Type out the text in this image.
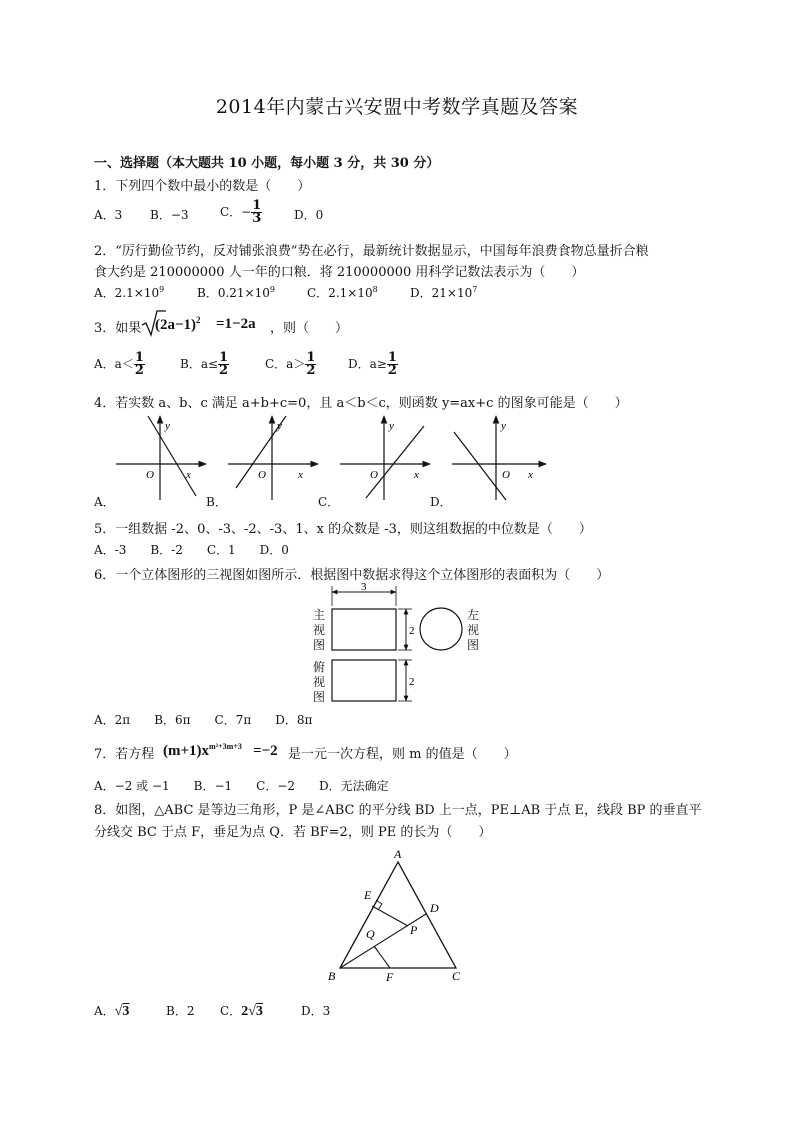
2014年内蒙古兴安盟中考数学真题及答案
一、选择题（本大题共 10 小题，每小题 3 分，共 30 分）
1．下列四个数中最小的数是（　　）
A．3 B．−3	C．− $\frac{1}{3}$	D．0
2．“厉行勤俭节约，反对铺张浪费”势在必行，最新统计数据显示，中国每年浪费食物总量折合粮
食大约是 210000000 人一年的口粮．将 210000000 用科学记数法表示为（　　）
A．$2.1\times 10^9$	B．$0.21\times 10^9$	C．$2.1\times 10^8$	D．$21\times 10^7$
3．如果 $(2a-1)^2 =1-2a$ ，则（　　）
A．$a< \frac{1}{2}$	B．$a\le \frac{1}{2}$	C．$a> \frac{1}{2}$	D．$a\ge \frac{1}{2}$
4．若实数 a、b、c 满足 a+b+c=0，且 a＜b＜c，则函数 y=ax+c 的图象可能是（　　）
y
O	x
y
O	x
y
O	x
y
O x
A．	B．	C．	D．
5．一组数据 -2、0、-3、-2、-3、1、x 的众数是 -3，则这组数据的中位数是（　　）
A．-3　　B．-2　　C．1　　D．0
6．一个立体图形的三视图如图所示．根据图中数据求得这个立体图形的表面积为（　　）
3
2
2
主
视
图
左
视
图
俯
视
图
A．2π　　B．6π　　C．7π　　D．8π
7．若方程 $(m+1)x^{m^2+3m+3} =-2$ 是一元一次方程，则 m 的值是（　　）
A．−2 或 −1　　B．−1　　C．−2　　D．无法确定
8．如图，△ABC 是等边三角形，P 是∠ABC 的平分线 BD 上一点，PE⊥AB 于点 E，线段 BP 的垂直平
分线交 BC 于点 F，垂足为点 Q．若 BF=2，则 PE 的长为（　　）
A
B	C
D
E
F
P
Q
A．√3	B．2 C．2√3	D．3
